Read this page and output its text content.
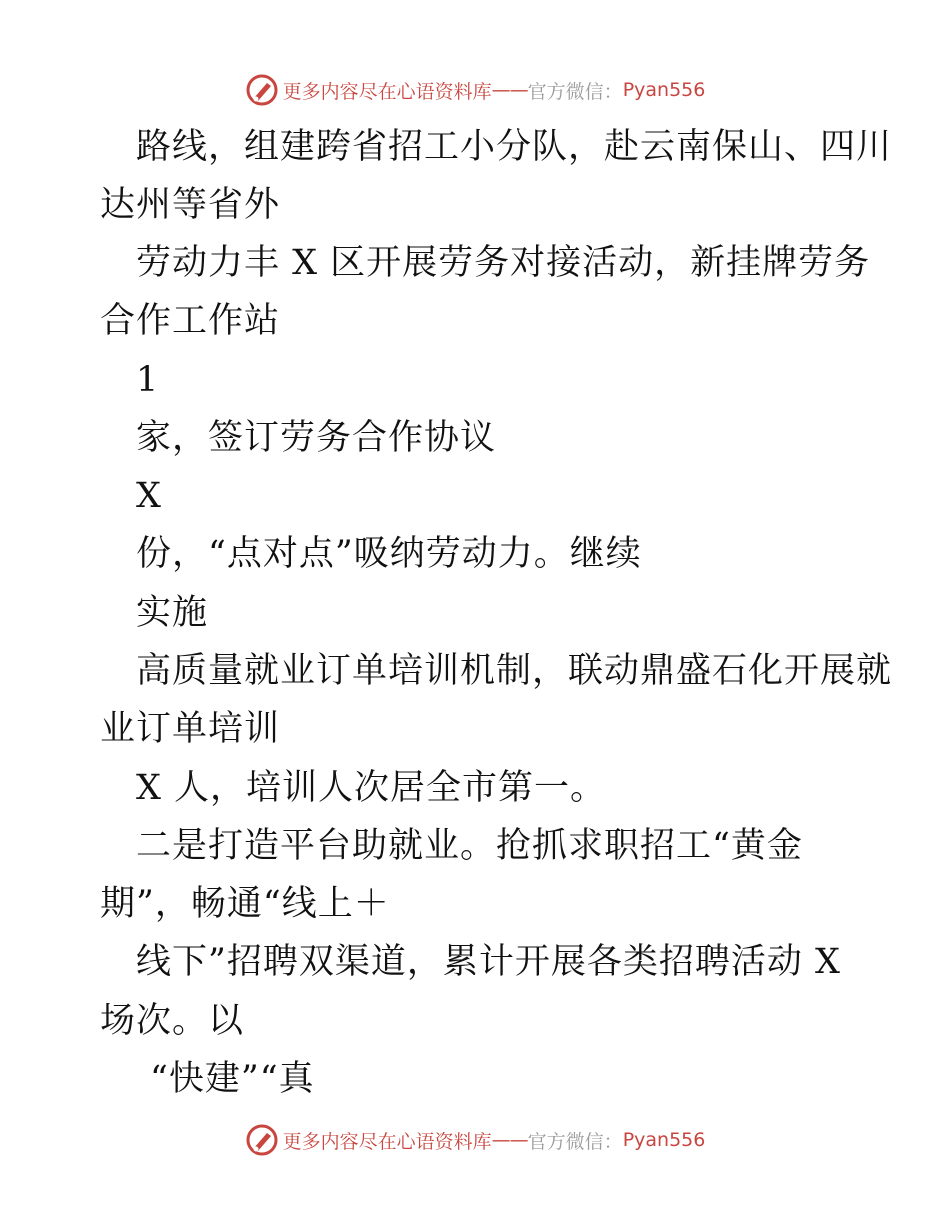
更多内容尽在心语资料库 —— 官方微信： Pyan556
路线，组建跨省招工小分队，赴云南保山、四川
达州等省外
劳动力丰 X 区开展劳务对接活动，新挂牌劳务
合作工作站
1
家，签订劳务合作协议
X
份，“点对点”吸纳劳动力。继续
实施
高质量就业订单培训机制，联动鼎盛石化开展就
业订单培训
X 人，培训人次居全市第一。
二是打造平台助就业。抢抓求职招工“黄金
期”，畅通“线上＋
线下”招聘双渠道，累计开展各类招聘活动 X
场次。以
“快建”“真
更多内容尽在心语资料库 —— 官方微信： Pyan556
